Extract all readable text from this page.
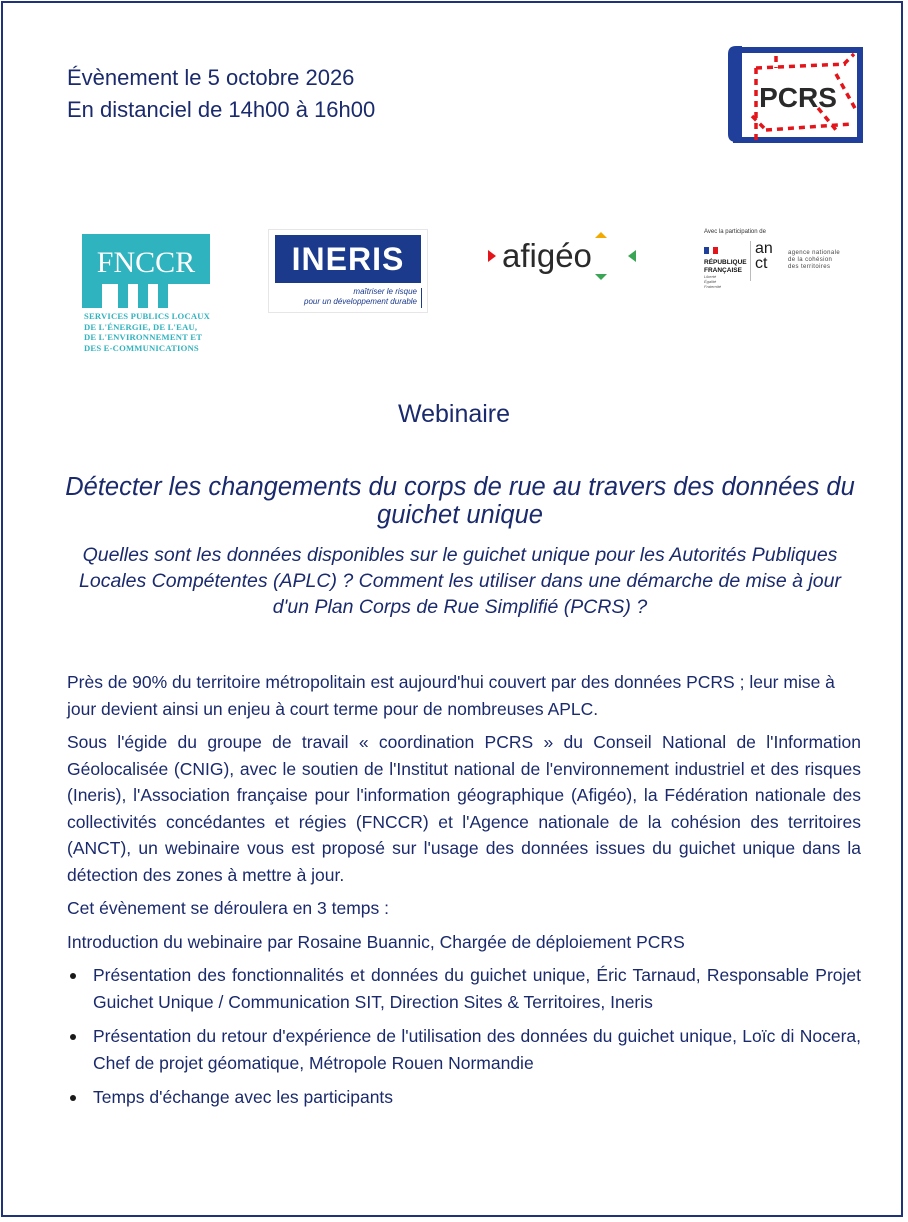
Évènement le 5 octobre 2026
En distanciel de 14h00 à 16h00	PCRS
FNCCR
SERVICES PUBLICS LOCAUX
DE L'ÉNERGIE, DE L'EAU,
DE L'ENVIRONNEMENT ET
DES E-COMMUNICATIONS
INERIS
maîtriser le risque
pour un développement durable
afigéo
Avec la participation de
RÉPUBLIQUE
FRANÇAISE
Liberté
Égalité
Fraternité
an
ct
agence nationale
de la cohésion
des territoires
Webinaire
Détecter les changements du corps de rue au travers des données du guichet unique
Quelles sont les données disponibles sur le guichet unique pour les Autorités Publiques Locales Compétentes (APLC) ? Comment les utiliser dans une démarche de mise à jour d'un Plan Corps de Rue Simplifié (PCRS) ?

Près de 90% du territoire métropolitain est aujourd'hui couvert par des données PCRS ; leur mise à jour devient ainsi un enjeu à court terme pour de nombreuses APLC.

Sous l'égide du groupe de travail « coordination PCRS » du Conseil National de l'Information Géolocalisée (CNIG), avec le soutien de l'Institut national de l'environnement industriel et des risques (Ineris), l'Association française pour l'information géographique (Afigéo), la Fédération nationale des collectivités concédantes et régies (FNCCR) et l'Agence nationale de la cohésion des territoires (ANCT), un webinaire vous est proposé sur l'usage des données issues du guichet unique dans la détection des zones à mettre à jour.

Cet évènement se déroulera en 3 temps :

Introduction du webinaire par Rosaine Buannic, Chargée de déploiement PCRS

Présentation des fonctionnalités et données du guichet unique, Éric Tarnaud, Responsable Projet Guichet Unique / Communication SIT, Direction Sites & Territoires, Ineris
Présentation du retour d'expérience de l'utilisation des données du guichet unique, Loïc di Nocera, Chef de projet géomatique, Métropole Rouen Normandie
Temps d'échange avec les participants
